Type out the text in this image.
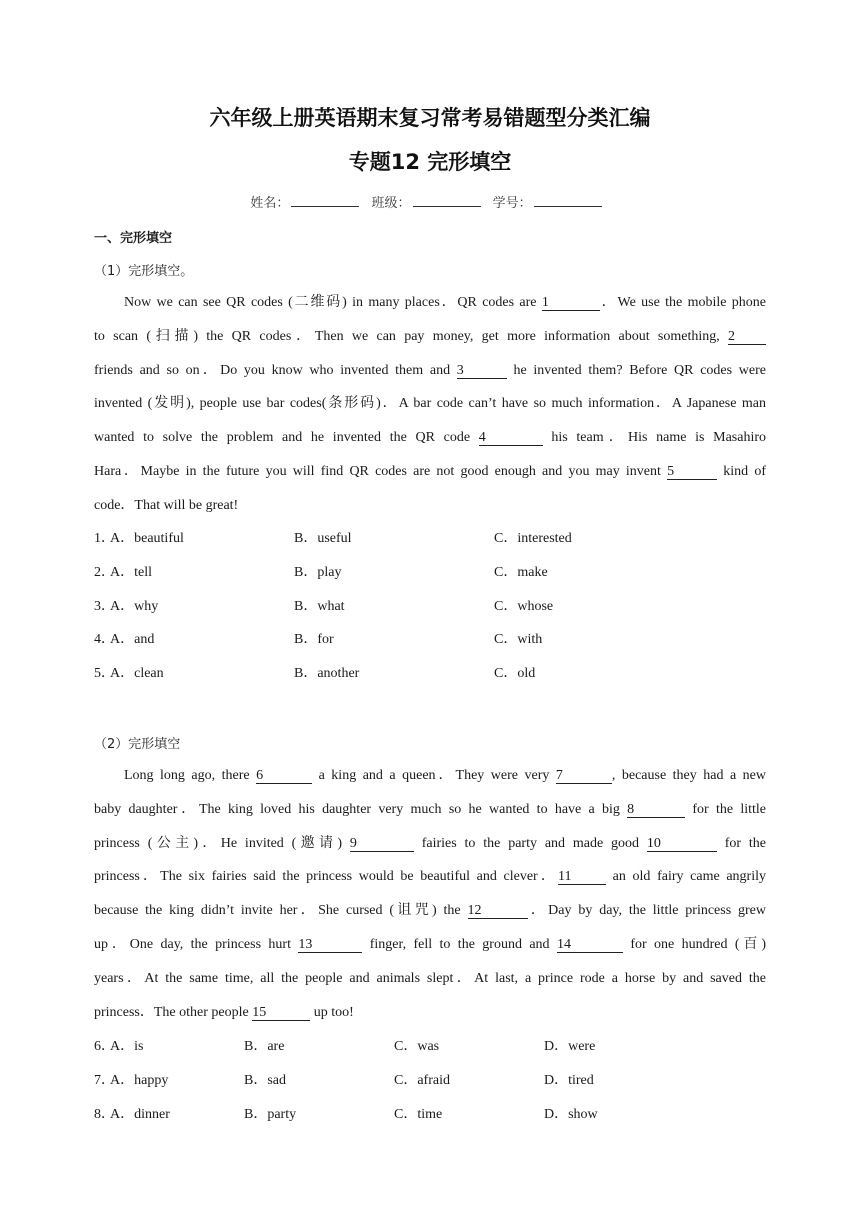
六年级上册英语期末复习常考易错题型分类汇编
专题12 完形填空
姓名：	班级：	学号：
一、完形填空
（1）完形填空。
Now we can see QR codes (二维码) in many places．QR codes are 1	．We use the mobile phone
to scan (扫描) the QR codes．Then we can pay money, get more information about something, 2
friends and so on．Do you know who invented them and 3	he invented them? Before QR codes were
invented (发明), people use bar codes(条形码)．A bar code can’t have so much information．A Japanese man
wanted to solve the problem and he invented the QR code 4	his team．His name is Masahiro
Hara．Maybe in the future you will find QR codes are not good enough and you may invent 5	kind of
code．That will be great!
1．
A．beautiful	B．useful	C．interested
2．
A．tell	B．play	C．make
3．
A．why	B．what	C．whose
4．
A．and	B．for	C．with
5．
A．clean	B．another	C．old
（2）完形填空
Long long ago, there 6	a king and a queen．They were very 7	, because they had a new
baby daughter．The king loved his daughter very much so he wanted to have a big 8	for the little
princess (公主)．He invited (邀请) 9	fairies to the party and made good 10	for the
princess．The six fairies said the princess would be beautiful and clever．11 an old fairy came angrily
because the king didn’t invite her．She cursed (诅咒) the 12	．Day by day, the little princess grew
up．One day, the princess hurt 13	finger, fell to the ground and 14	for one hundred (百)
years．At the same time, all the people and animals slept．At last, a prince rode a horse by and saved the
princess．The other people 15	up too!
6．
A．is	B．are	C．was	D．were
7．
A．happy	B．sad	C．afraid	D．tired
8．
A．dinner	B．party	C．time	D．show
